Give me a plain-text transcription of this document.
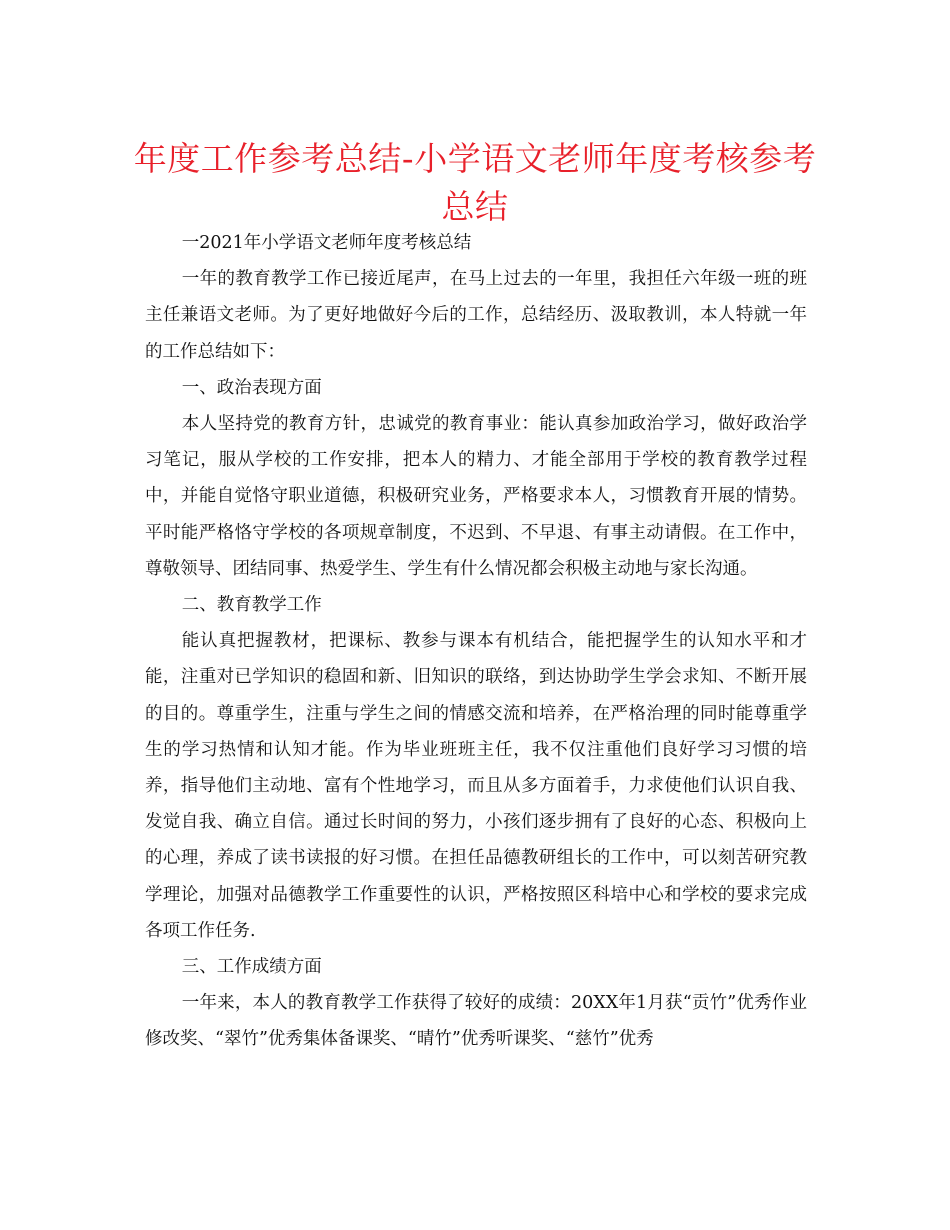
年度工作参考总结-小学语文老师年度考核参考总结

一2021年小学语文老师年度考核总结

一年的教育教学工作已接近尾声，在马上过去的一年里，我担任六年级一班的班主任兼语文老师。为了更好地做好今后的工作，总结经历、汲取教训，本人特就一年的工作总结如下：

一、政治表现方面

本人坚持党的教育方针，忠诚党的教育事业：能认真参加政治学习，做好政治学习笔记，服从学校的工作安排，把本人的精力、才能全部用于学校的教育教学过程中，并能自觉恪守职业道德，积极研究业务，严格要求本人，习惯教育开展的情势。平时能严格恪守学校的各项规章制度，不迟到、不早退、有事主动请假。在工作中，尊敬领导、团结同事、热爱学生、学生有什么情况都会积极主动地与家长沟通。

二、教育教学工作

能认真把握教材，把课标、教参与课本有机结合，能把握学生的认知水平和才能，注重对已学知识的稳固和新、旧知识的联络，到达协助学生学会求知、不断开展的目的。尊重学生，注重与学生之间的情感交流和培养，在严格治理的同时能尊重学生的学习热情和认知才能。作为毕业班班主任，我不仅注重他们良好学习习惯的培养，指导他们主动地、富有个性地学习，而且从多方面着手，力求使他们认识自我、发觉自我、确立自信。通过长时间的努力，小孩们逐步拥有了良好的心态、积极向上的心理，养成了读书读报的好习惯。在担任品德教研组长的工作中，可以刻苦研究教学理论，加强对品德教学工作重要性的认识，严格按照区科培中心和学校的要求完成各项工作任务.

三、工作成绩方面

一年来，本人的教育教学工作获得了较好的成绩：20XX年1月获“贡竹”优秀作业修改奖、“翠竹”优秀集体备课奖、“晴竹”优秀听课奖、“慈竹”优秀
